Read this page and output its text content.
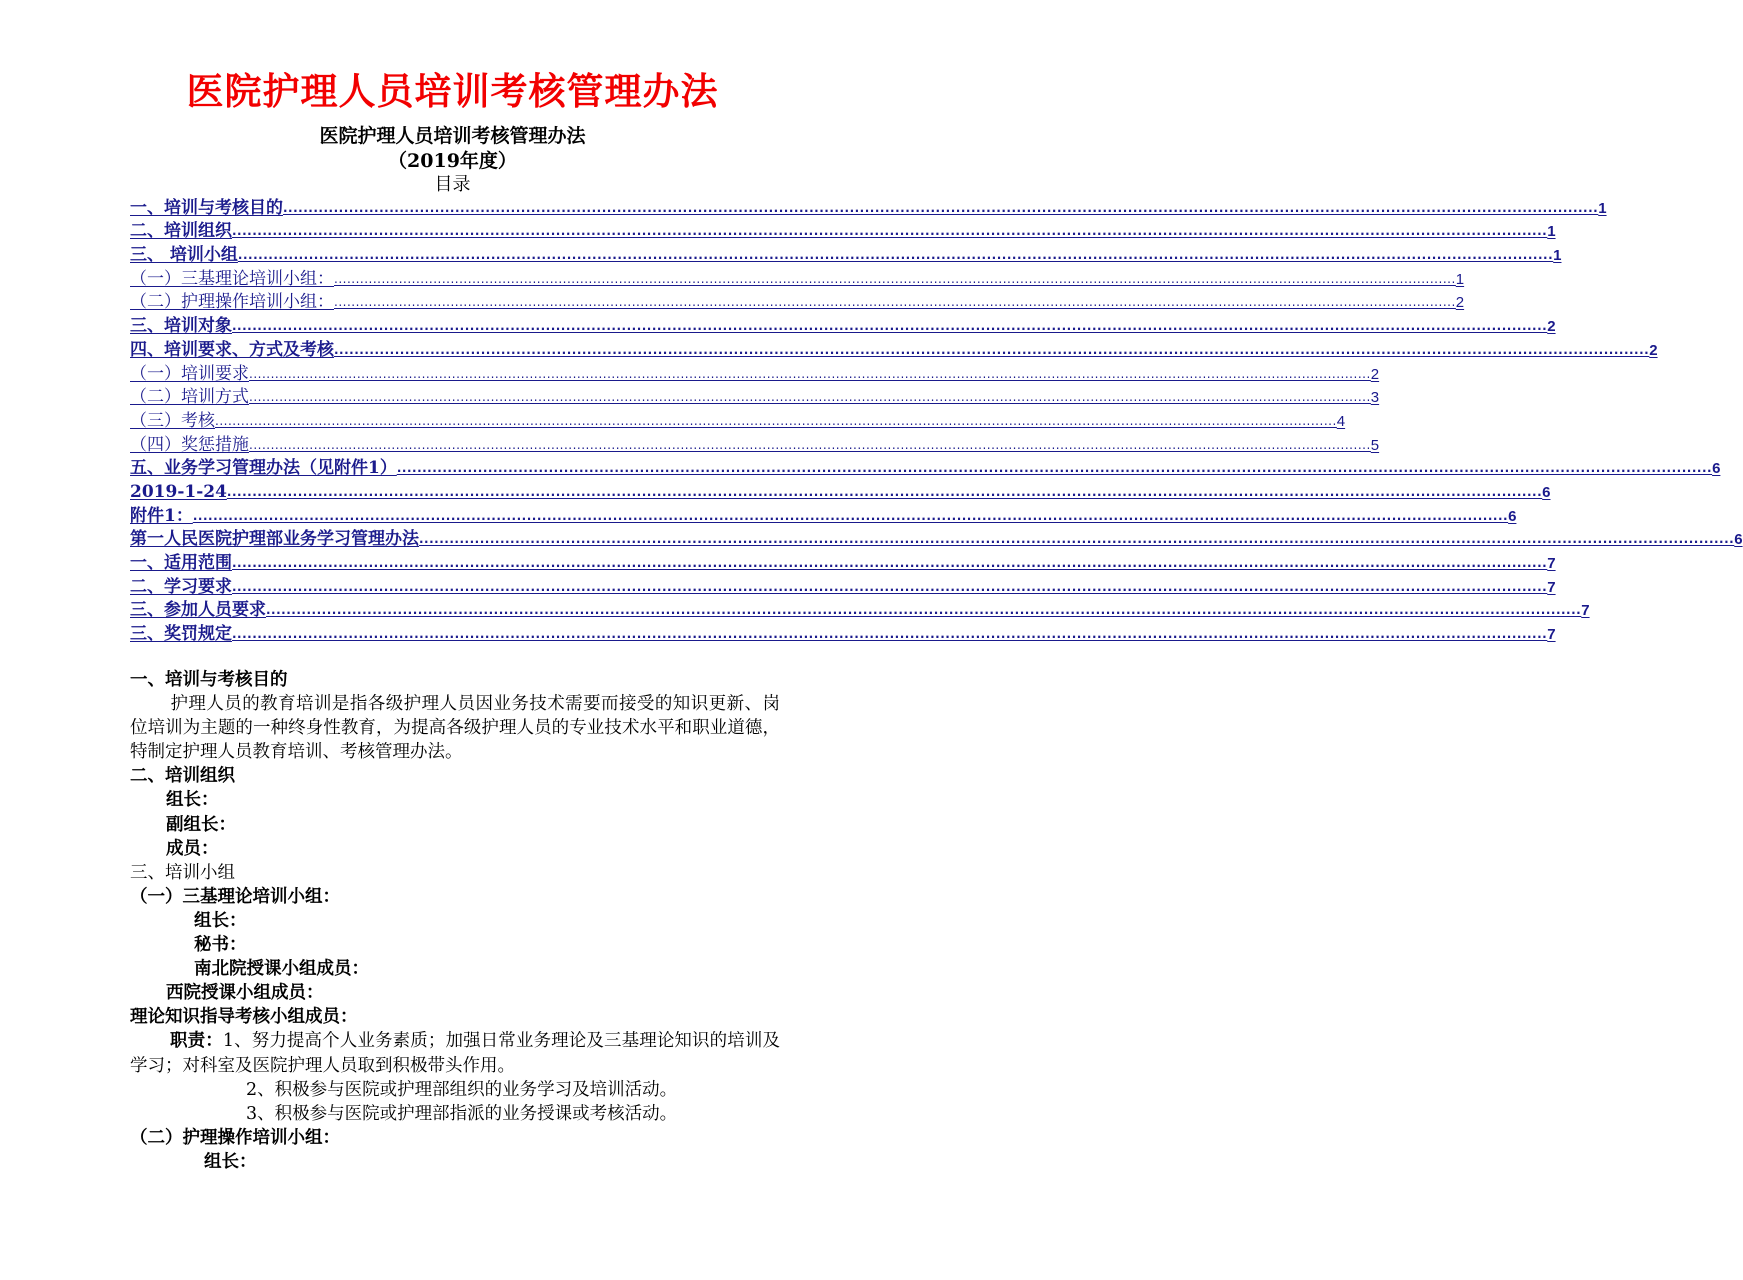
医院护理人员培训考核管理办法
医院护理人员培训考核管理办法
（2019年度）
目录
一、培训与考核目的 .................................................................................................................................................................................................................................................................... 1
二、培训组织 .................................................................................................................................................................................................................................................................... 1
三、 培训小组 .................................................................................................................................................................................................................................................................... 1
（一）三基理论培训小组： .................................................................................................................................................................................................................................................................... 1
（二）护理操作培训小组： .................................................................................................................................................................................................................................................................... 2
三、培训对象 .................................................................................................................................................................................................................................................................... 2
四、培训要求、方式及考核 .................................................................................................................................................................................................................................................................... 2
（一）培训要求 .................................................................................................................................................................................................................................................................... 2
（二）培训方式 .................................................................................................................................................................................................................................................................... 3
（三）考核 .................................................................................................................................................................................................................................................................... 4
（四）奖惩措施 .................................................................................................................................................................................................................................................................... 5
五、业务学习管理办法（见附件1） .................................................................................................................................................................................................................................................................... 6
2019-1-24 .................................................................................................................................................................................................................................................................... 6
附件1： .................................................................................................................................................................................................................................................................... 6
第一人民医院护理部业务学习管理办法 .................................................................................................................................................................................................................................................................... 6
一、适用范围 .................................................................................................................................................................................................................................................................... 7
二、学习要求 .................................................................................................................................................................................................................................................................... 7
三、参加人员要求 .................................................................................................................................................................................................................................................................... 7
三、奖罚规定 .................................................................................................................................................................................................................................................................... 7
一、培训与考核目的
护理人员的教育培训是指各级护理人员因业务技术需要而接受的知识更新、岗位培训为主题的一种终身性教育，为提高各级护理人员的专业技术水平和职业道德，特制定护理人员教育培训、考核管理办法。
二、培训组织
组长：
副组长：
成员：
三、培训小组
（一）三基理论培训小组：
组长：
秘书：
南北院授课小组成员：
西院授课小组成员：
理论知识指导考核小组成员：
职责：1、努力提高个人业务素质；加强日常业务理论及三基理论知识的培训及学习；对科室及医院护理人员取到积极带头作用。
2、积极参与医院或护理部组织的业务学习及培训活动。
3、积极参与医院或护理部指派的业务授课或考核活动。
（二）护理操作培训小组：
组长：
